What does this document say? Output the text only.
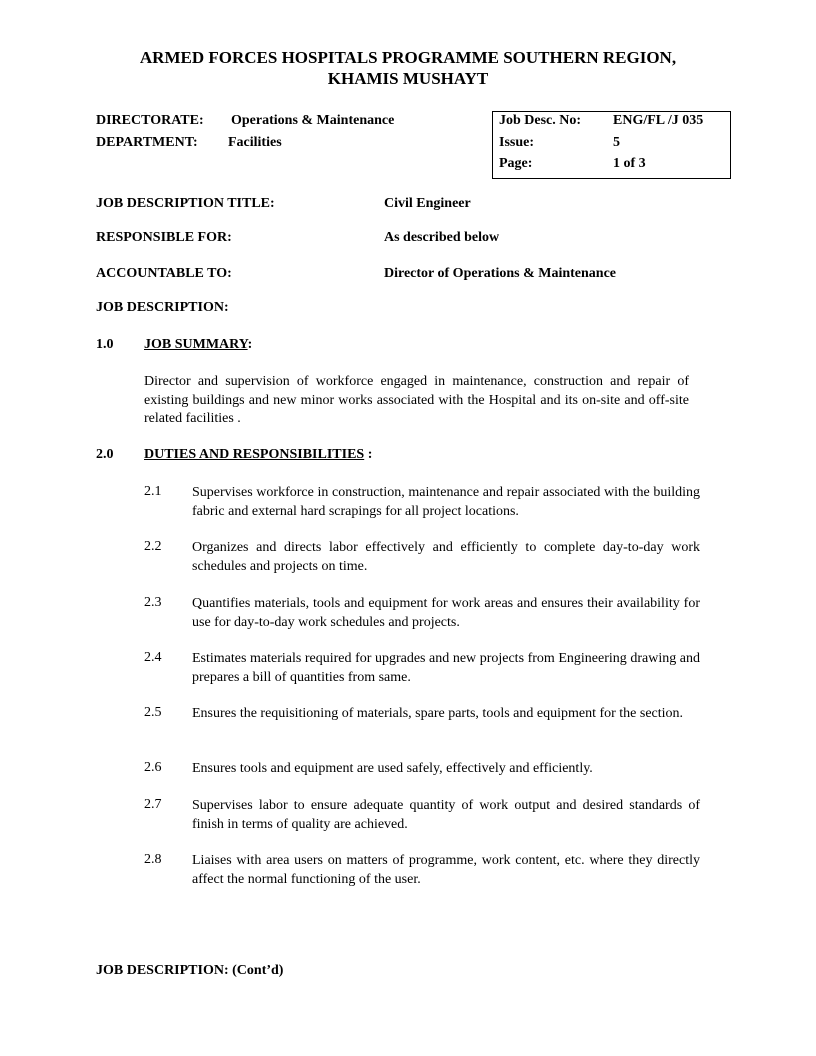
ARMED FORCES HOSPITALS PROGRAMME SOUTHERN REGION,
KHAMIS MUSHAYT
DIRECTORATE: Operations & Maintenance
DEPARTMENT: Facilities
Job Desc. No: ENG/FL /J 035
Issue:	5
Page:	1 of 3
JOB DESCRIPTION TITLE:	Civil Engineer
RESPONSIBLE FOR:	As described below
ACCOUNTABLE TO:	Director of Operations & Maintenance
JOB DESCRIPTION:
1.0 JOB SUMMARY:
Director and supervision of workforce engaged in maintenance, construction and repair of existing buildings and new minor works associated with the Hospital and its on-site and off-site related facilities .
2.0 DUTIES AND RESPONSIBILITIES :
2.1 Supervises workforce in construction, maintenance and repair associated with the building fabric and external hard scrapings for all project locations.
2.2 Organizes and directs labor effectively and efficiently to complete day-to-day work schedules and projects on time.
2.3 Quantifies materials, tools and equipment for work areas and ensures their availability for use for day-to-day work schedules and projects.
2.4 Estimates materials required for upgrades and new projects from Engineering drawing and prepares a bill of quantities from same.
2.5 Ensures the requisitioning of materials, spare parts, tools and equipment for the section.
2.6 Ensures tools and equipment are used safely, effectively and efficiently.
2.7 Supervises labor to ensure adequate quantity of work output and desired standards of finish in terms of quality are achieved.
2.8 Liaises with area users on matters of programme, work content, etc. where they directly affect the normal functioning of the user.
JOB DESCRIPTION: (Cont’d)
